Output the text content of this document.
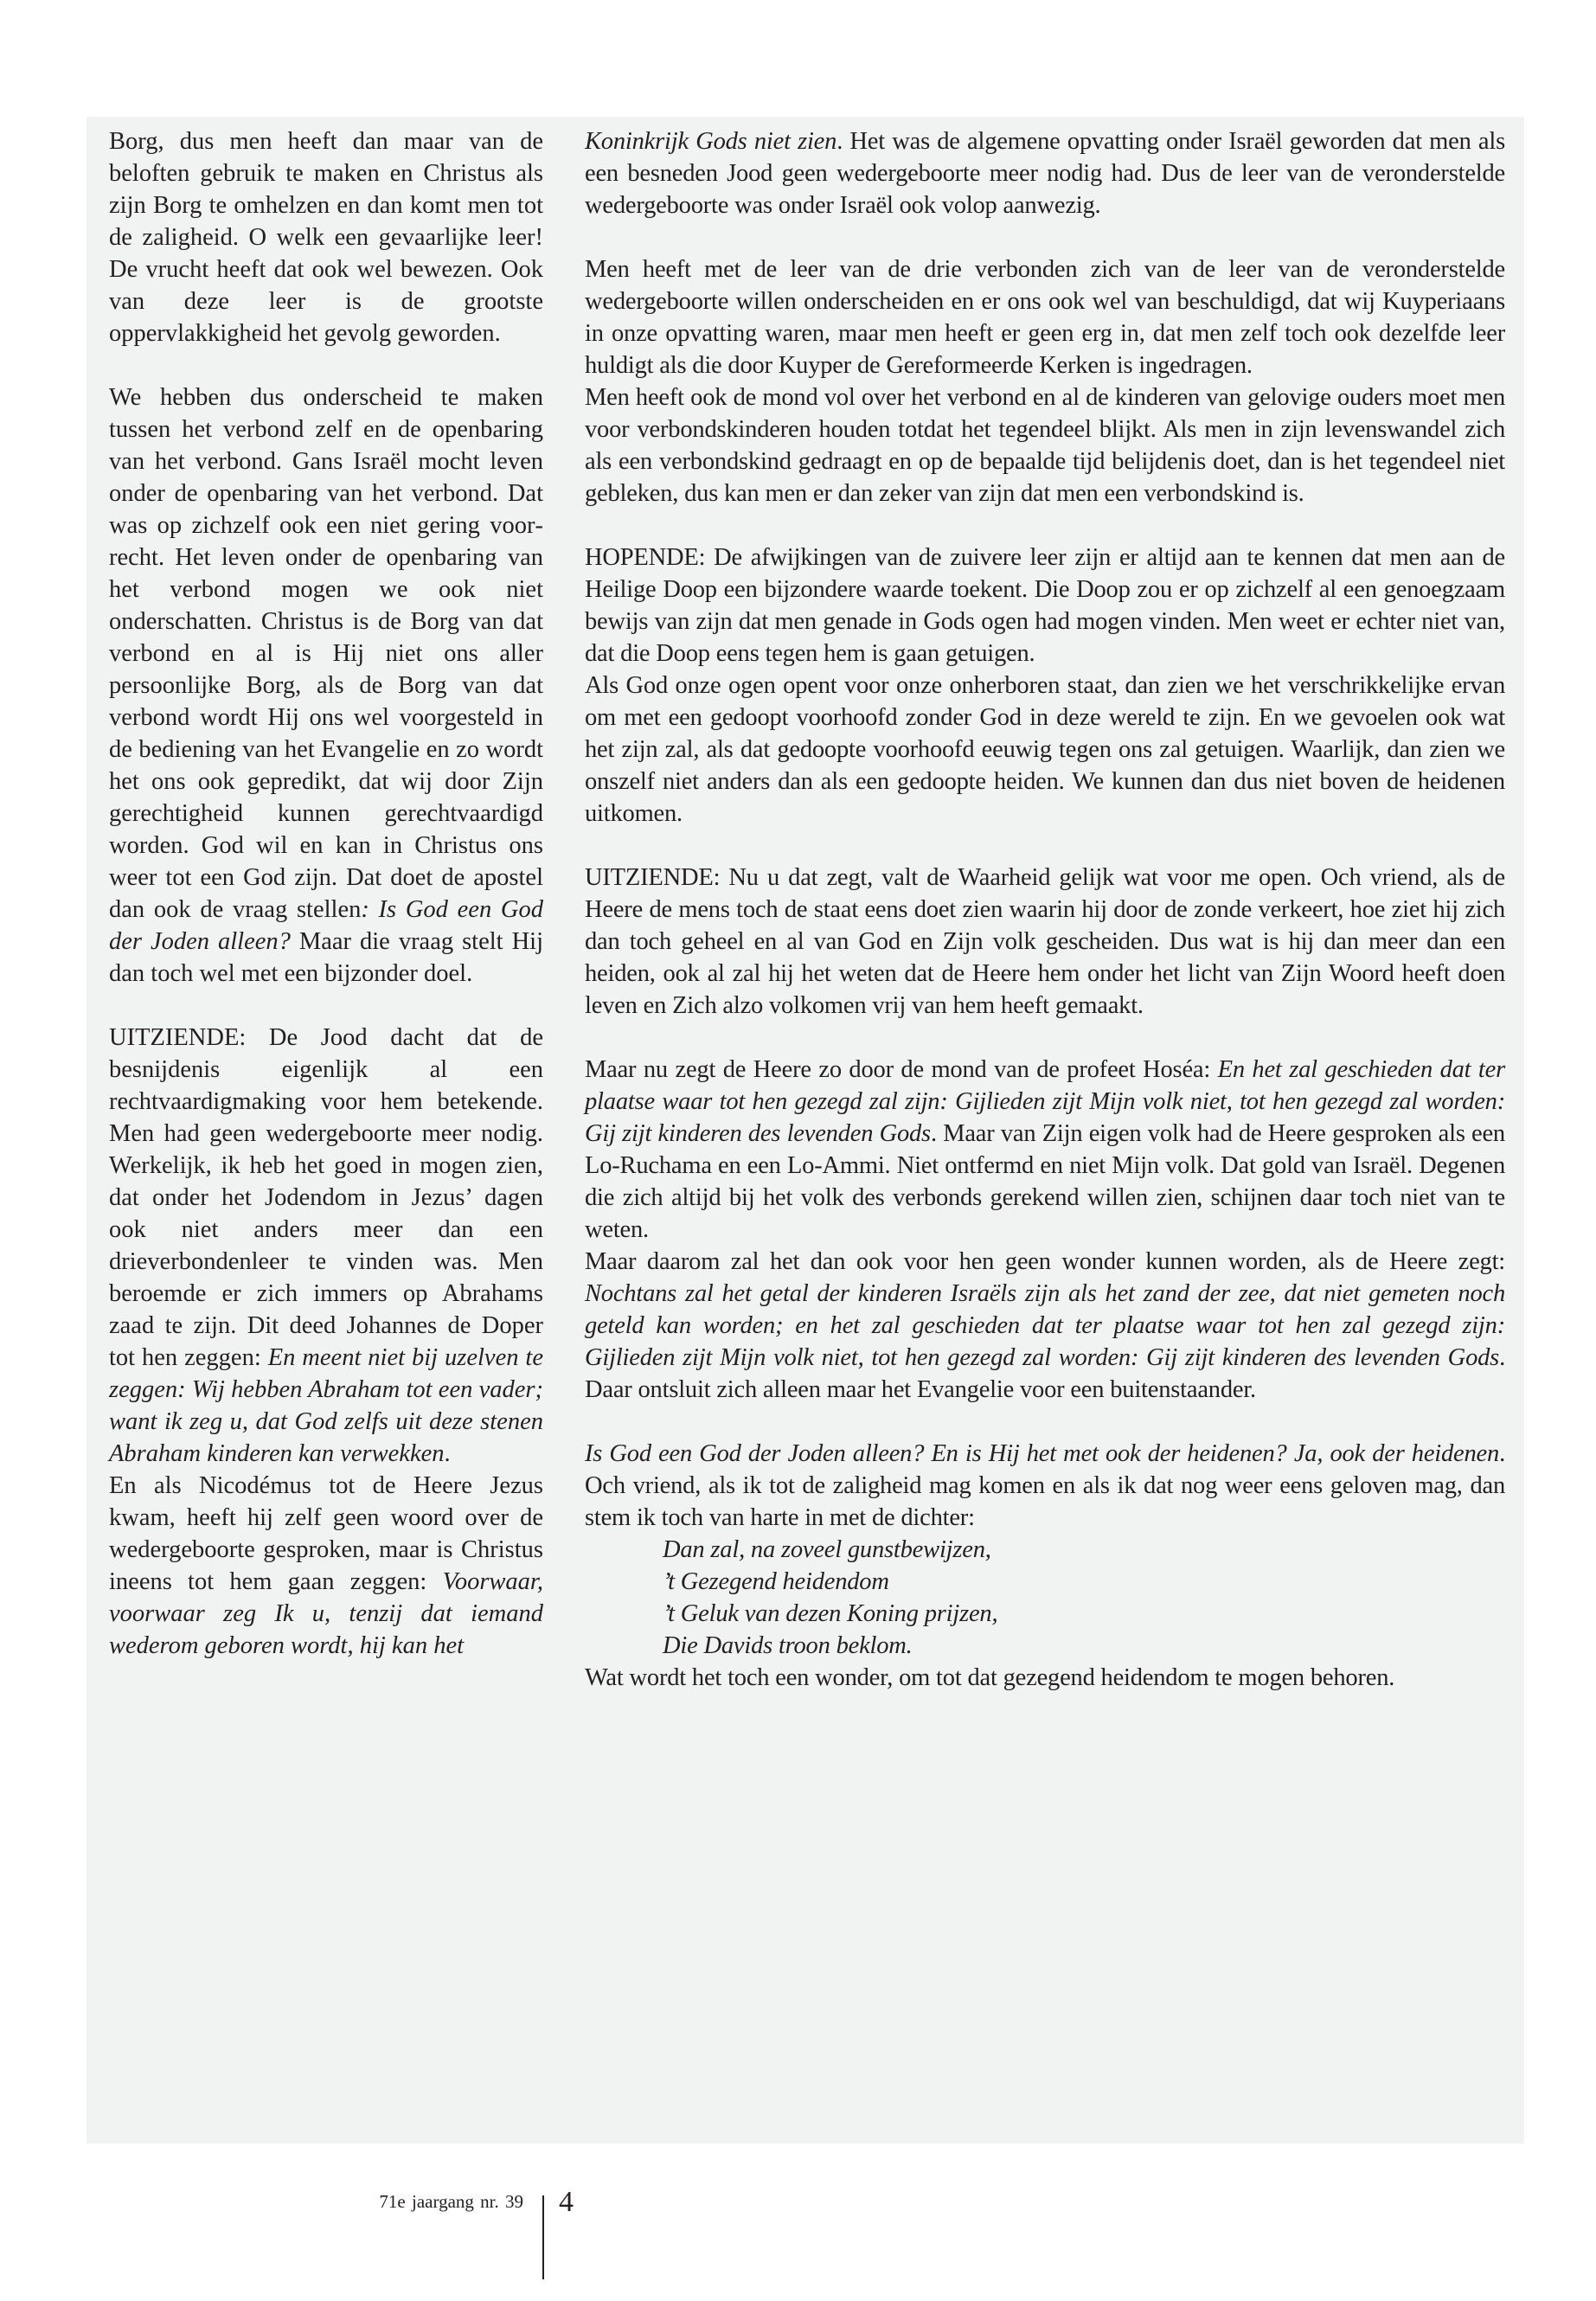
Borg, dus men heeft dan maar van de beloften gebruik te maken en Christus als zijn Borg te omhelzen en dan komt men tot de zaligheid. O welk een gevaarlijke leer! De vrucht heeft dat ook wel bewezen. Ook van deze leer is de grootste oppervlakkigheid het gevolg geworden.

We hebben dus onderscheid te maken tussen het verbond zelf en de openbaring van het verbond. Gans Israël mocht leven onder de openbaring van het verbond. Dat was op zichzelf ook een niet gering voorrecht. Het leven onder de openbaring van het verbond mogen we ook niet onderschatten. Christus is de Borg van dat verbond en al is Hij niet ons aller persoonlijke Borg, als de Borg van dat verbond wordt Hij ons wel voorgesteld in de bediening van het Evangelie en zo wordt het ons ook gepredikt, dat wij door Zijn gerechtigheid kunnen gerechtvaardigd worden. God wil en kan in Christus ons weer tot een God zijn. Dat doet de apostel dan ook de vraag stellen: Is God een God der Joden alleen? Maar die vraag stelt Hij dan toch wel met een bijzonder doel.

UITZIENDE: De Jood dacht dat de besnijdenis eigenlijk al een rechtvaardigmaking voor hem betekende. Men had geen wedergeboorte meer nodig. Werkelijk, ik heb het goed in mogen zien, dat onder het Jodendom in Jezus’ dagen ook niet anders meer dan een drieverbondenleer te vinden was. Men beroemde er zich immers op Abrahams zaad te zijn. Dit deed Johannes de Doper tot hen zeggen: En meent niet bij uzelven te zeggen: Wij hebben Abraham tot een vader; want ik zeg u, dat God zelfs uit deze stenen Abraham kinderen kan verwekken.

En als Nicodémus tot de Heere Jezus kwam, heeft hij zelf geen woord over de wedergeboorte gesproken, maar is Christus ineens tot hem gaan zeggen: Voorwaar, voorwaar zeg Ik u, tenzij dat iemand wederom geboren wordt, hij kan het

Koninkrijk Gods niet zien. Het was de algemene opvatting onder Israël geworden dat men als een besneden Jood geen wedergeboorte meer nodig had. Dus de leer van de veronderstelde wedergeboorte was onder Israël ook volop aanwezig.

Men heeft met de leer van de drie verbonden zich van de leer van de veronderstelde wedergeboorte willen onderscheiden en er ons ook wel van beschuldigd, dat wij Kuyperiaans in onze opvatting waren, maar men heeft er geen erg in, dat men zelf toch ook dezelfde leer huldigt als die door Kuyper de Gereformeerde Kerken is ingedragen.

Men heeft ook de mond vol over het verbond en al de kinderen van gelovige ouders moet men voor verbondskinderen houden totdat het tegendeel blijkt. Als men in zijn levenswandel zich als een verbondskind gedraagt en op de bepaalde tijd belijdenis doet, dan is het tegendeel niet gebleken, dus kan men er dan zeker van zijn dat men een verbondskind is.

HOPENDE: De afwijkingen van de zuivere leer zijn er altijd aan te kennen dat men aan de Heilige Doop een bijzondere waarde toekent. Die Doop zou er op zichzelf al een genoegzaam bewijs van zijn dat men genade in Gods ogen had mogen vinden. Men weet er echter niet van, dat die Doop eens tegen hem is gaan getuigen.

Als God onze ogen opent voor onze onherboren staat, dan zien we het verschrikkelijke ervan om met een gedoopt voorhoofd zonder God in deze wereld te zijn. En we gevoelen ook wat het zijn zal, als dat gedoopte voorhoofd eeuwig tegen ons zal getuigen. Waarlijk, dan zien we onszelf niet anders dan als een gedoopte heiden. We kunnen dan dus niet boven de heidenen uitkomen.

UITZIENDE: Nu u dat zegt, valt de Waarheid gelijk wat voor me open. Och vriend, als de Heere de mens toch de staat eens doet zien waarin hij door de zonde verkeert, hoe ziet hij zich dan toch geheel en al van God en Zijn volk gescheiden. Dus wat is hij dan meer dan een heiden, ook al zal hij het weten dat de Heere hem onder het licht van Zijn Woord heeft doen leven en Zich alzo volkomen vrij van hem heeft gemaakt.

Maar nu zegt de Heere zo door de mond van de profeet Hoséa: En het zal geschieden dat ter plaatse waar tot hen gezegd zal zijn: Gijlieden zijt Mijn volk niet, tot hen gezegd zal worden: Gij zijt kinderen des levenden Gods. Maar van Zijn eigen volk had de Heere gesproken als een Lo-Ruchama en een Lo-Ammi. Niet ontfermd en niet Mijn volk. Dat gold van Israël. Degenen die zich altijd bij het volk des verbonds gerekend willen zien, schijnen daar toch niet van te weten.

Maar daarom zal het dan ook voor hen geen wonder kunnen worden, als de Heere zegt: Nochtans zal het getal der kinderen Israëls zijn als het zand der zee, dat niet gemeten noch geteld kan worden; en het zal geschieden dat ter plaatse waar tot hen zal gezegd zijn: Gijlieden zijt Mijn volk niet, tot hen gezegd zal worden: Gij zijt kinderen des levenden Gods. Daar ontsluit zich alleen maar het Evangelie voor een buitenstaander.

Is God een God der Joden alleen? En is Hij het met ook der heidenen? Ja, ook der heidenen. Och vriend, als ik tot de zaligheid mag komen en als ik dat nog weer eens geloven mag, dan stem ik toch van harte in met de dichter:

Dan zal, na zoveel gunstbewijzen,
’t Gezegend heidendom
’t Geluk van dezen Koning prijzen,
Die Davids troon beklom.

Wat wordt het toch een wonder, om tot dat gezegend heidendom te mogen behoren.

71e jaargang nr. 39 4
